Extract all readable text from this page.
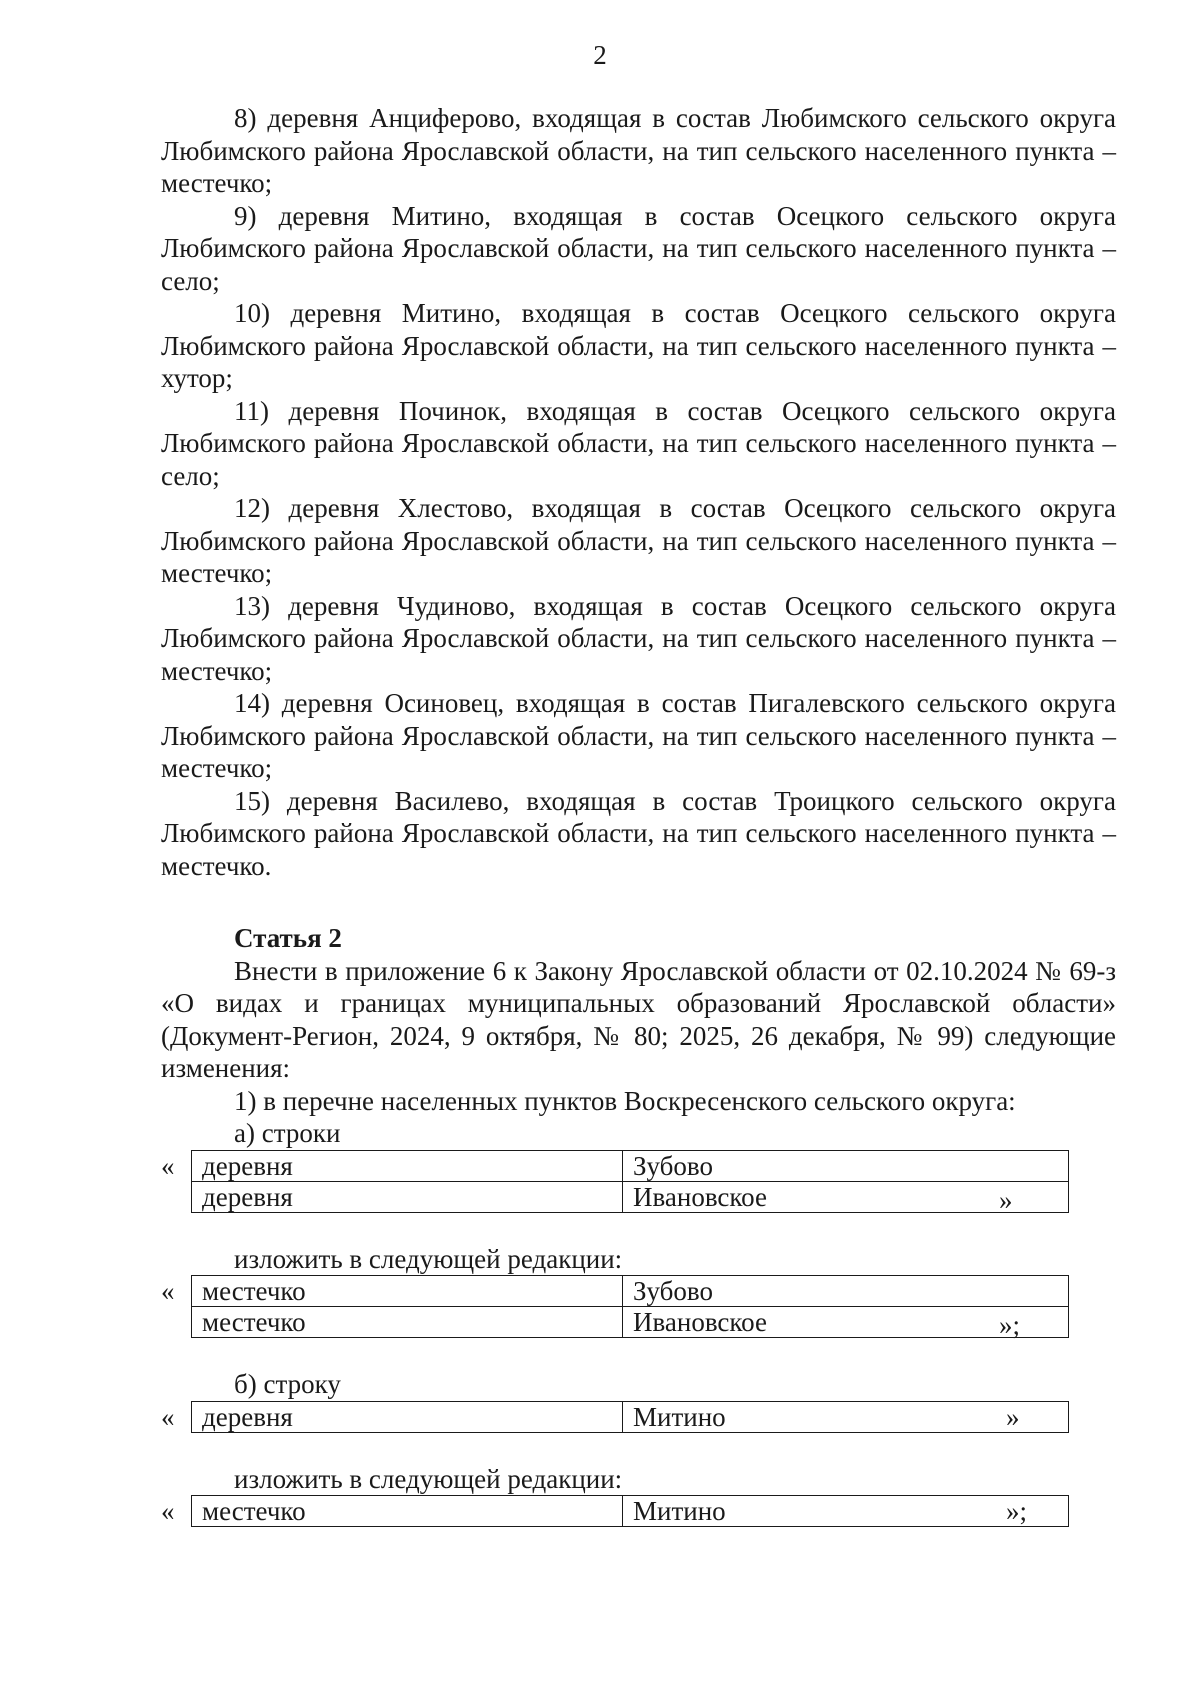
2

8) деревня Анциферово, входящая в состав Любимского сельского округа Любимского района Ярославской области, на тип сельского населенного пункта – местечко;

9) деревня Митино, входящая в состав Осецкого сельского округа Любимского района Ярославской области, на тип сельского населенного пункта – село;

10) деревня Митино, входящая в состав Осецкого сельского округа Любимского района Ярославской области, на тип сельского населенного пункта – хутор;

11) деревня Починок, входящая в состав Осецкого сельского округа Любимского района Ярославской области, на тип сельского населенного пункта – село;

12) деревня Хлестово, входящая в состав Осецкого сельского округа Любимского района Ярославской области, на тип сельского населенного пункта – местечко;

13) деревня Чудиново, входящая в состав Осецкого сельского округа Любимского района Ярославской области, на тип сельского населенного пункта – местечко;

14) деревня Осиновец, входящая в состав Пигалевского сельского округа Любимского района Ярославской области, на тип сельского населенного пункта – местечко;

15) деревня Василево, входящая в состав Троицкого сельского округа Любимского района Ярославской области, на тип сельского населенного пункта – местечко.

Статья 2

Внести в приложение 6 к Закону Ярославской области от 02.10.2024 № 69-з «О видах и границах муниципальных образований Ярославской области» (Документ-Регион, 2024, 9 октября, № 80; 2025, 26 декабря, № 99) следующие изменения:

1) в перечне населенных пунктов Воскресенского сельского округа:

а) строки

« деревня	Зубово
деревня	Ивановское	»

изложить в следующей редакции:

« местечко	Зубово
местечко	Ивановское	»;

б) строку

« деревня	Митино	»

изложить в следующей редакции:

« местечко	Митино	»;
